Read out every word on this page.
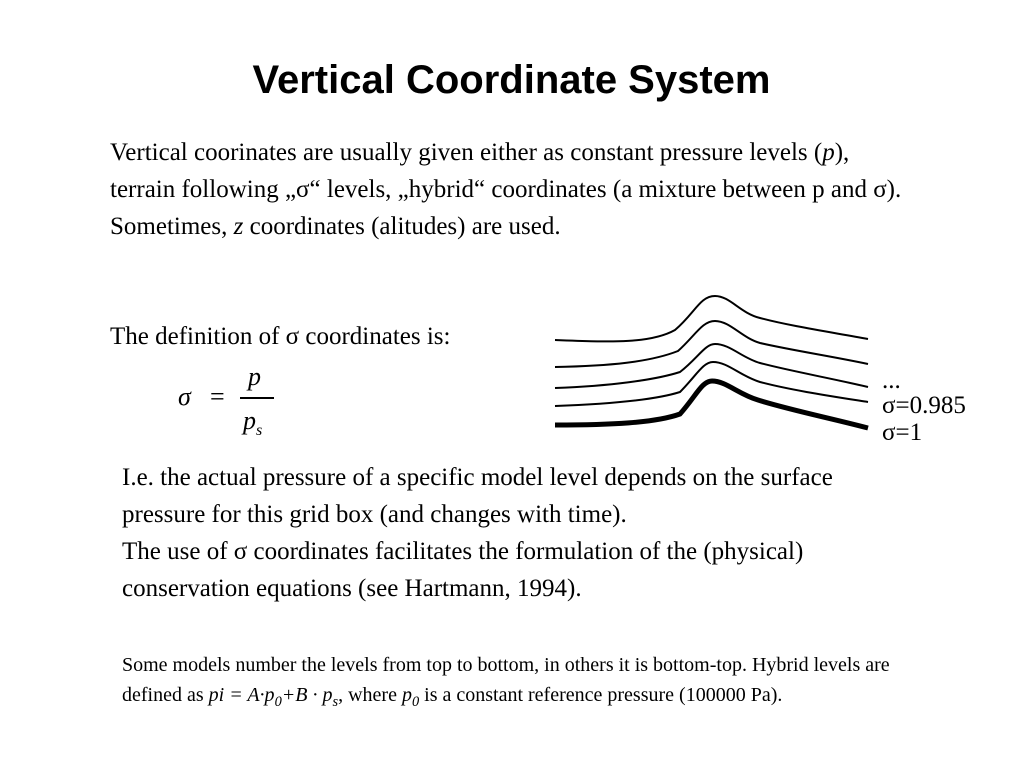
Vertical Coordinate System
Vertical coorinates are usually given either as constant pressure levels (p), terrain following „σ“ levels, „hybrid“ coordinates (a mixture between p and σ). Sometimes, z coordinates (alitudes) are used.
The definition of σ coordinates is:
σ =
p
$p_s$
...
σ=0.985
σ=1
I.e. the actual pressure of a specific model level depends on the surface pressure for this grid box (and changes with time).
The use of σ coordinates facilitates the formulation of the (physical) conservation equations (see Hartmann, 1994).
Some models number the levels from top to bottom, in others it is bottom-top. Hybrid levels are defined as pi = $A\cdot p_0+B \cdot p_s$, where $p_0$ is a constant reference pressure (100000 Pa).
